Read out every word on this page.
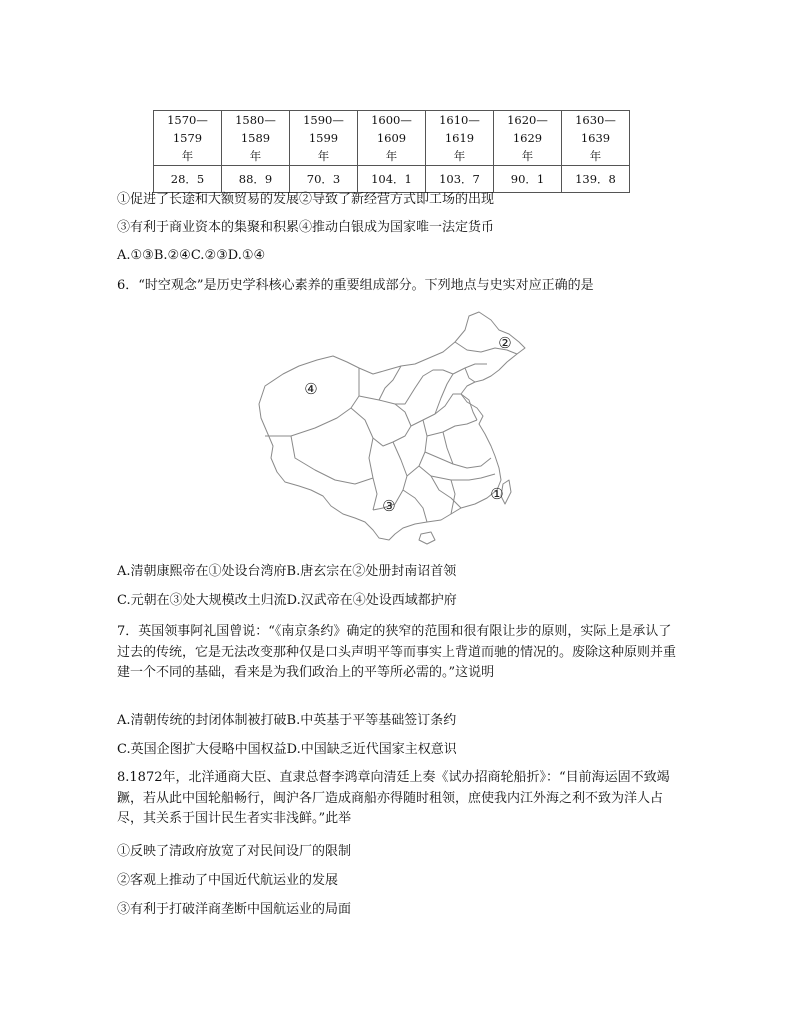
1570—1579	1580—1589	1590—1599	1600—1609	1610—1619	1620—1629	1630—1639
年	年	年	年	年	年	年
28．5	88．9	70．3	104．1	103．7	90．1	139．8
①促进了长途和大额贸易的发展②导致了新经营方式即工场的出现
③有利于商业资本的集聚和积累④推动白银成为国家唯一法定货币
A.①③B.②④C.②③D.①④
6．“时空观念”是历史学科核心素养的重要组成部分。下列地点与史实对应正确的是
①
②
③
④
A.清朝康熙帝在①处设台湾府B.唐玄宗在②处册封南诏首领
C.元朝在③处大规模改土归流D.汉武帝在④处设西域都护府
7．英国领事阿礼国曾说：“《南京条约》确定的狭窄的范围和很有限让步的原则，实际上是承认了过去的传统，它是无法改变那种仅是口头声明平等而事实上背道而驰的情况的。废除这种原则并重建一个不同的基础，看来是为我们政治上的平等所必需的。”这说明
A.清朝传统的封闭体制被打破B.中英基于平等基础签订条约
C.英国企图扩大侵略中国权益D.中国缺乏近代国家主权意识
8.1872年，北洋通商大臣、直隶总督李鸿章向清廷上奏《试办招商轮船折》：“目前海运固不致竭蹶，若从此中国轮船畅行，闽沪各厂造成商船亦得随时租领，庶使我内江外海之利不致为洋人占尽，其关系于国计民生者实非浅鲜。”此举
①反映了清政府放宽了对民间设厂的限制
②客观上推动了中国近代航运业的发展
③有利于打破洋商垄断中国航运业的局面
